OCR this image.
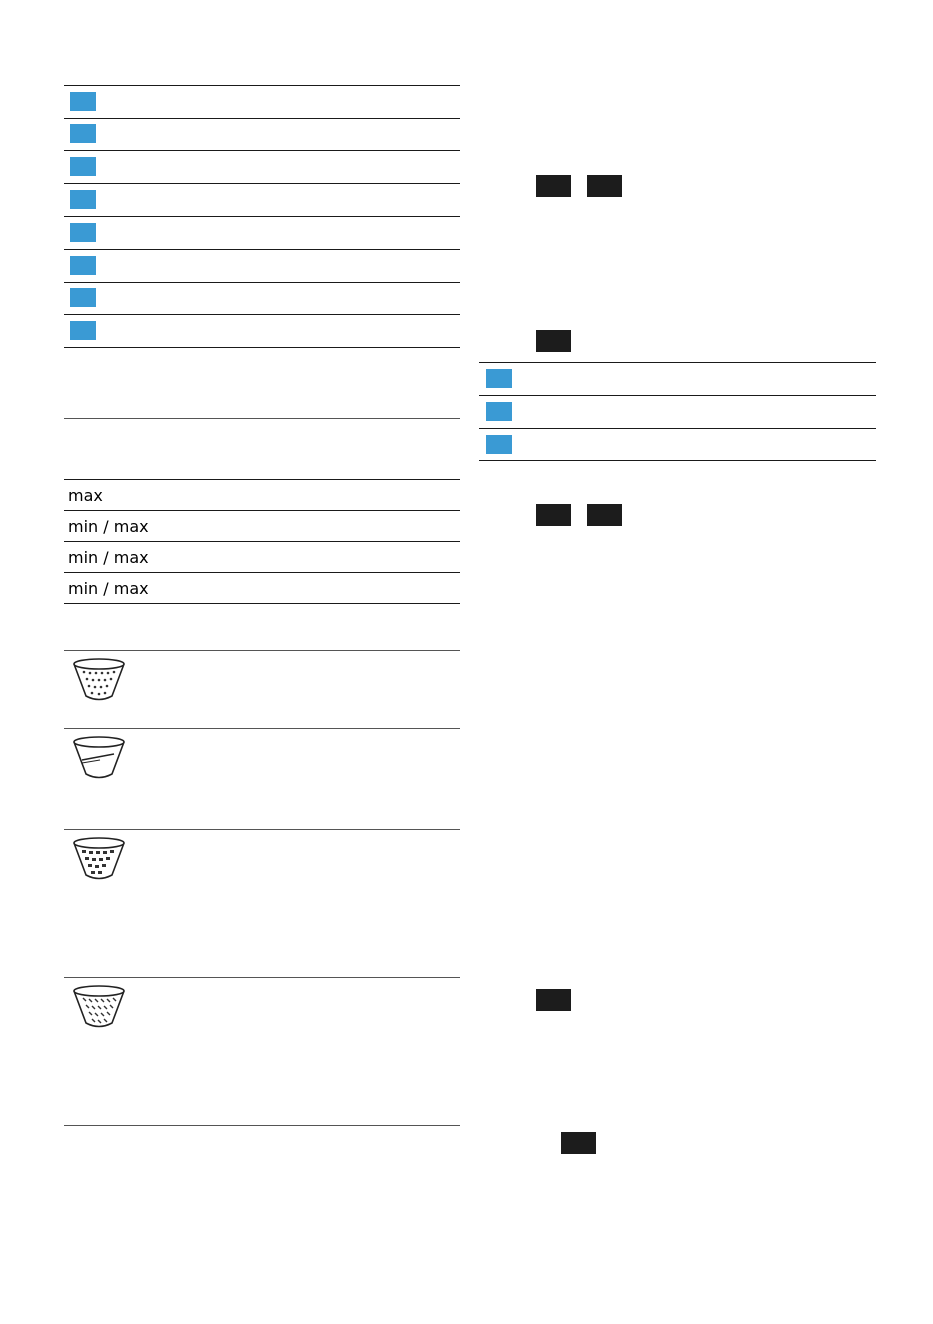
max
min / max
min / max
min / max
